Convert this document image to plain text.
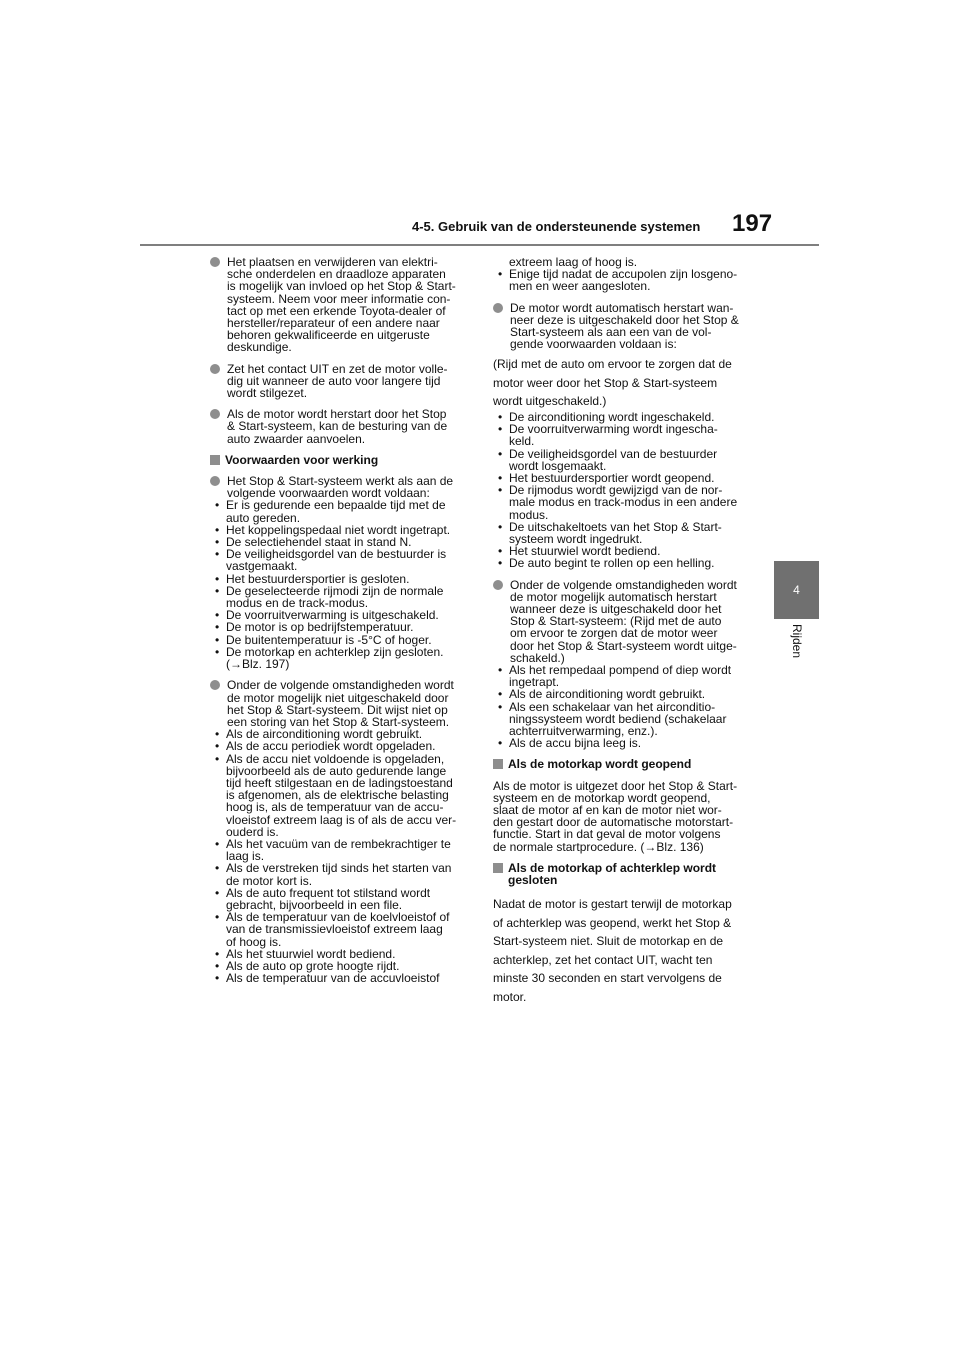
4-5. Gebruik van de ondersteunende systemen 197
4
Rijden
Het plaatsen en verwijderen van elektri-
sche onderdelen en draadloze apparaten
is mogelijk van invloed op het Stop & Start-
systeem. Neem voor meer informatie con-
tact op met een erkende Toyota-dealer of
hersteller/reparateur of een andere naar
behoren gekwalificeerde en uitgeruste
deskundige.
Zet het contact UIT en zet de motor volle-
dig uit wanneer de auto voor langere tijd
wordt stilgezet.
Als de motor wordt herstart door het Stop
& Start-systeem, kan de besturing van de
auto zwaarder aanvoelen.
Voorwaarden voor werking
Het Stop & Start-systeem werkt als aan de
volgende voorwaarden wordt voldaan:
• Er is gedurende een bepaalde tijd met de
auto gereden.
• Het koppelingspedaal niet wordt ingetrapt.
• De selectiehendel staat in stand N.
• De veiligheidsgordel van de bestuurder is
vastgemaakt.
• Het bestuurdersportier is gesloten.
• De geselecteerde rijmodi zijn de normale
modus en de track-modus.
• De voorruitverwarming is uitgeschakeld.
• De motor is op bedrijfstemperatuur.
• De buitentemperatuur is -5°C of hoger.
• De motorkap en achterklep zijn gesloten.
(→Blz. 197)
Onder de volgende omstandigheden wordt
de motor mogelijk niet uitgeschakeld door
het Stop & Start-systeem. Dit wijst niet op
een storing van het Stop & Start-systeem.
• Als de airconditioning wordt gebruikt.
• Als de accu periodiek wordt opgeladen.
• Als de accu niet voldoende is opgeladen,
bijvoorbeeld als de auto gedurende lange
tijd heeft stilgestaan en de ladingstoestand
is afgenomen, als de elektrische belasting
hoog is, als de temperatuur van de accu-
vloeistof extreem laag is of als de accu ver-
ouderd is.
• Als het vacuüm van de rembekrachtiger te
laag is.
• Als de verstreken tijd sinds het starten van
de motor kort is.
• Als de auto frequent tot stilstand wordt
gebracht, bijvoorbeeld in een file.
• Als de temperatuur van de koelvloeistof of
van de transmissievloeistof extreem laag
of hoog is.
• Als het stuurwiel wordt bediend.
• Als de auto op grote hoogte rijdt.
• Als de temperatuur van de accuvloeistof
extreem laag of hoog is.
• Enige tijd nadat de accupolen zijn losgeno-
men en weer aangesloten.
De motor wordt automatisch herstart wan-
neer deze is uitgeschakeld door het Stop &
Start-systeem als aan een van de vol-
gende voorwaarden voldaan is:
(Rijd met de auto om ervoor te zorgen dat de
motor weer door het Stop & Start-systeem
wordt uitgeschakeld.)
• De airconditioning wordt ingeschakeld.
• De voorruitverwarming wordt ingescha-
keld.
• De veiligheidsgordel van de bestuurder
wordt losgemaakt.
• Het bestuurdersportier wordt geopend.
• De rijmodus wordt gewijzigd van de nor-
male modus en track-modus in een andere
modus.
• De uitschakeltoets van het Stop & Start-
systeem wordt ingedrukt.
• Het stuurwiel wordt bediend.
• De auto begint te rollen op een helling.
Onder de volgende omstandigheden wordt
de motor mogelijk automatisch herstart
wanneer deze is uitgeschakeld door het
Stop & Start-systeem: (Rijd met de auto
om ervoor te zorgen dat de motor weer
door het Stop & Start-systeem wordt uitge-
schakeld.)
• Als het rempedaal pompend of diep wordt
ingetrapt.
• Als de airconditioning wordt gebruikt.
• Als een schakelaar van het airconditio-
ningssysteem wordt bediend (schakelaar
achterruitverwarming, enz.).
• Als de accu bijna leeg is.
Als de motorkap wordt geopend
Als de motor is uitgezet door het Stop & Start-
systeem en de motorkap wordt geopend,
slaat de motor af en kan de motor niet wor-
den gestart door de automatische motorstart-
functie. Start in dat geval de motor volgens
de normale startprocedure. (→Blz. 136)
Als de motorkap of achterklep wordt
gesloten
Nadat de motor is gestart terwijl de motorkap
of achterklep was geopend, werkt het Stop &
Start-systeem niet. Sluit de motorkap en de
achterklep, zet het contact UIT, wacht ten
minste 30 seconden en start vervolgens de
motor.
